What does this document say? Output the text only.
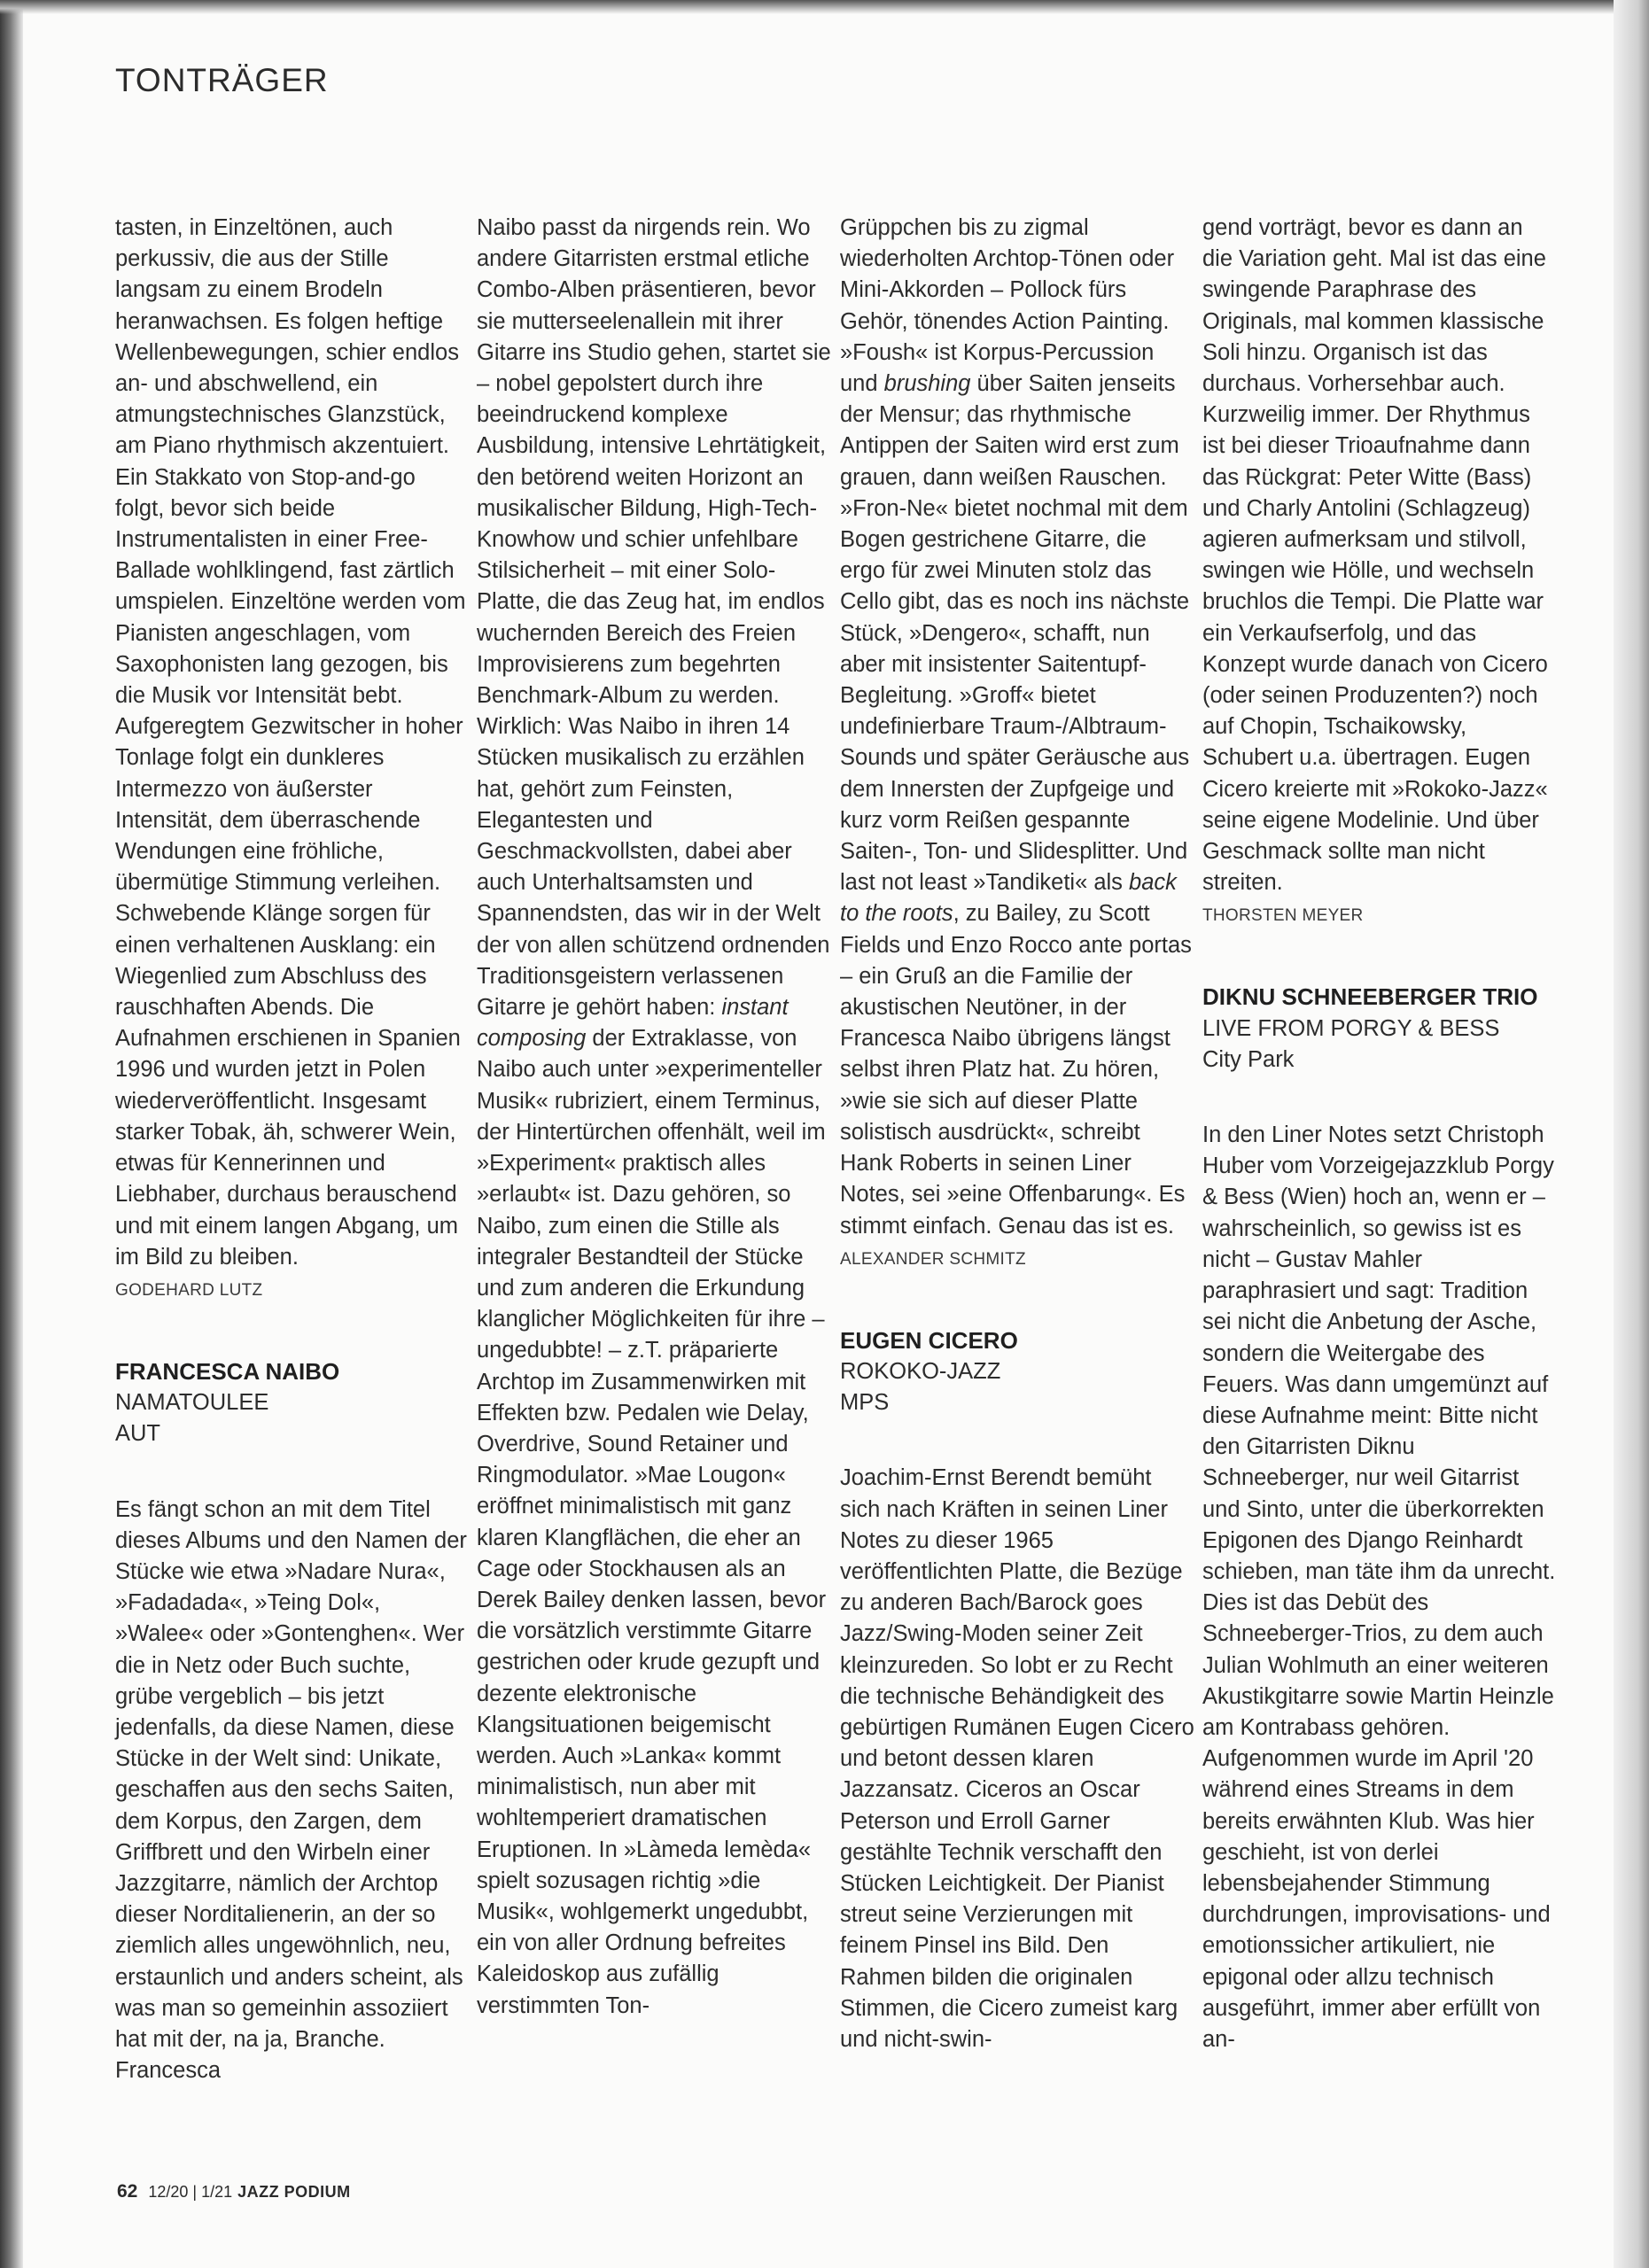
TONTRÄGER

tasten, in Einzeltönen, auch perkussiv, die aus der Stille langsam zu einem Brodeln heranwachsen. Es folgen heftige Wellenbewegungen, schier endlos an- und abschwellend, ein atmungstechnisches Glanzstück, am Piano rhythmisch akzentuiert. Ein Stakkato von Stop-and-go folgt, bevor sich beide Instrumentalisten in einer Free-Ballade wohlklingend, fast zärtlich umspielen. Einzeltöne werden vom Pianisten angeschlagen, vom Saxophonisten lang gezogen, bis die Musik vor Intensität bebt. Aufgeregtem Gezwitscher in hoher Tonlage folgt ein dunkleres Intermezzo von äußerster Intensität, dem überraschende Wendungen eine fröhliche, übermütige Stimmung verleihen. Schwebende Klänge sorgen für einen verhaltenen Ausklang: ein Wiegenlied zum Abschluss des rauschhaften Abends. Die Aufnahmen erschienen in Spanien 1996 und wurden jetzt in Polen wiederveröffentlicht. Insgesamt starker Tobak, äh, schwerer Wein, etwas für Kennerinnen und Liebhaber, durchaus berauschend und mit einem langen Abgang, um im Bild zu bleiben.

GODEHARD LUTZ

FRANCESCA NAIBO

NAMATOULEE

AUT

Es fängt schon an mit dem Titel dieses Albums und den Namen der Stücke wie etwa »Nadare Nura«, »Fadadada«, »Teing Dol«, »Walee« oder »Gontenghen«. Wer die in Netz oder Buch suchte, grübe vergeblich – bis jetzt jedenfalls, da diese Namen, diese Stücke in der Welt sind: Unikate, geschaffen aus den sechs Saiten, dem Korpus, den Zargen, dem Griffbrett und den Wirbeln einer Jazzgitarre, nämlich der Archtop dieser Norditalienerin, an der so ziemlich alles ungewöhnlich, neu, erstaunlich und anders scheint, als was man so gemeinhin assoziiert hat mit der, na ja, Branche. Francesca

Naibo passt da nirgends rein. Wo andere Gitarristen erstmal etliche Combo-Alben präsentieren, bevor sie mutterseelenallein mit ihrer Gitarre ins Studio gehen, startet sie – nobel gepolstert durch ihre beeindruckend komplexe Ausbildung, intensive Lehrtätigkeit, den betörend weiten Horizont an musikalischer Bildung, High-Tech-Knowhow und schier unfehlbare Stilsicherheit – mit einer Solo-Platte, die das Zeug hat, im endlos wuchernden Bereich des Freien Improvisierens zum begehrten Benchmark-Album zu werden. Wirklich: Was Naibo in ihren 14 Stücken musikalisch zu erzählen hat, gehört zum Feinsten, Elegantesten und Geschmackvollsten, dabei aber auch Unterhaltsamsten und Spannendsten, das wir in der Welt der von allen schützend ordnenden Traditionsgeistern verlassenen Gitarre je gehört haben: instant composing der Extraklasse, von Naibo auch unter »experimenteller Musik« rubriziert, einem Terminus, der Hintertürchen offenhält, weil im »Experiment« praktisch alles »erlaubt« ist. Dazu gehören, so Naibo, zum einen die Stille als integraler Bestandteil der Stücke und zum anderen die Erkundung klanglicher Möglichkeiten für ihre – ungedubbte! – z.T. präparierte Archtop im Zusammenwirken mit Effekten bzw. Pedalen wie Delay, Overdrive, Sound Retainer und Ringmodulator. »Mae Lougon« eröffnet minimalistisch mit ganz klaren Klangflächen, die eher an Cage oder Stockhausen als an Derek Bailey denken lassen, bevor die vorsätzlich verstimmte Gitarre gestrichen oder krude gezupft und dezente elektronische Klangsituationen beigemischt werden. Auch »Lanka« kommt minimalistisch, nun aber mit wohltemperiert dramatischen Eruptionen. In »Làmeda lemèda« spielt sozusagen richtig »die Musik«, wohlgemerkt ungedubbt, ein von aller Ordnung befreites Kaleidoskop aus zufällig verstimmten Ton-

Grüppchen bis zu zigmal wiederholten Archtop-Tönen oder Mini-Akkorden – Pollock fürs Gehör, tönendes Action Painting. »Foush« ist Korpus-Percussion und brushing über Saiten jenseits der Mensur; das rhythmische Antippen der Saiten wird erst zum grauen, dann weißen Rauschen. »Fron-Ne« bietet nochmal mit dem Bogen gestrichene Gitarre, die ergo für zwei Minuten stolz das Cello gibt, das es noch ins nächste Stück, »Dengero«, schafft, nun aber mit insistenter Saitentupf-Begleitung. »Groff« bietet undefinierbare Traum-/Albtraum-Sounds und später Geräusche aus dem Innersten der Zupfgeige und kurz vorm Reißen gespannte Saiten-, Ton- und Slidesplitter. Und last not least »Tandiketi« als back to the roots, zu Bailey, zu Scott Fields und Enzo Rocco ante portas – ein Gruß an die Familie der akustischen Neutöner, in der Francesca Naibo übrigens längst selbst ihren Platz hat. Zu hören, »wie sie sich auf dieser Platte solistisch ausdrückt«, schreibt Hank Roberts in seinen Liner Notes, sei »eine Offenbarung«. Es stimmt einfach. Genau das ist es.

ALEXANDER SCHMITZ

EUGEN CICERO

ROKOKO-JAZZ

MPS

Joachim-Ernst Berendt bemüht sich nach Kräften in seinen Liner Notes zu dieser 1965 veröffentlichten Platte, die Bezüge zu anderen Bach/Barock goes Jazz/Swing-Moden seiner Zeit kleinzureden. So lobt er zu Recht die technische Behändigkeit des gebürtigen Rumänen Eugen Cicero und betont dessen klaren Jazzansatz. Ciceros an Oscar Peterson und Erroll Garner gestählte Technik verschafft den Stücken Leichtigkeit. Der Pianist streut seine Verzierungen mit feinem Pinsel ins Bild. Den Rahmen bilden die originalen Stimmen, die Cicero zumeist karg und nicht-swin-

gend vorträgt, bevor es dann an die Variation geht. Mal ist das eine swingende Paraphrase des Originals, mal kommen klassische Soli hinzu. Organisch ist das durchaus. Vorhersehbar auch. Kurzweilig immer. Der Rhythmus ist bei dieser Trioaufnahme dann das Rückgrat: Peter Witte (Bass) und Charly Antolini (Schlagzeug) agieren aufmerksam und stilvoll, swingen wie Hölle, und wechseln bruchlos die Tempi. Die Platte war ein Verkaufserfolg, und das Konzept wurde danach von Cicero (oder seinen Produzenten?) noch auf Chopin, Tschaikowsky, Schubert u.a. übertragen. Eugen Cicero kreierte mit »Rokoko-Jazz« seine eigene Modelinie. Und über Geschmack sollte man nicht streiten.

THORSTEN MEYER

DIKNU SCHNEEBERGER TRIO

LIVE FROM PORGY & BESS

City Park

In den Liner Notes setzt Christoph Huber vom Vorzeigejazzklub Porgy & Bess (Wien) hoch an, wenn er – wahrscheinlich, so gewiss ist es nicht – Gustav Mahler paraphrasiert und sagt: Tradition sei nicht die Anbetung der Asche, sondern die Weitergabe des Feuers. Was dann umgemünzt auf diese Aufnahme meint: Bitte nicht den Gitarristen Diknu Schneeberger, nur weil Gitarrist und Sinto, unter die überkorrekten Epigonen des Django Reinhardt schieben, man täte ihm da unrecht. Dies ist das Debüt des Schneeberger-Trios, zu dem auch Julian Wohlmuth an einer weiteren Akustikgitarre sowie Martin Heinzle am Kontrabass gehören. Aufgenommen wurde im April '20 während eines Streams in dem bereits erwähnten Klub. Was hier geschieht, ist von derlei lebensbejahender Stimmung durchdrungen, improvisations- und emotionssicher artikuliert, nie epigonal oder allzu technisch ausgeführt, immer aber erfüllt von an-

62 12/20 | 1/21 JAZZ PODIUM
